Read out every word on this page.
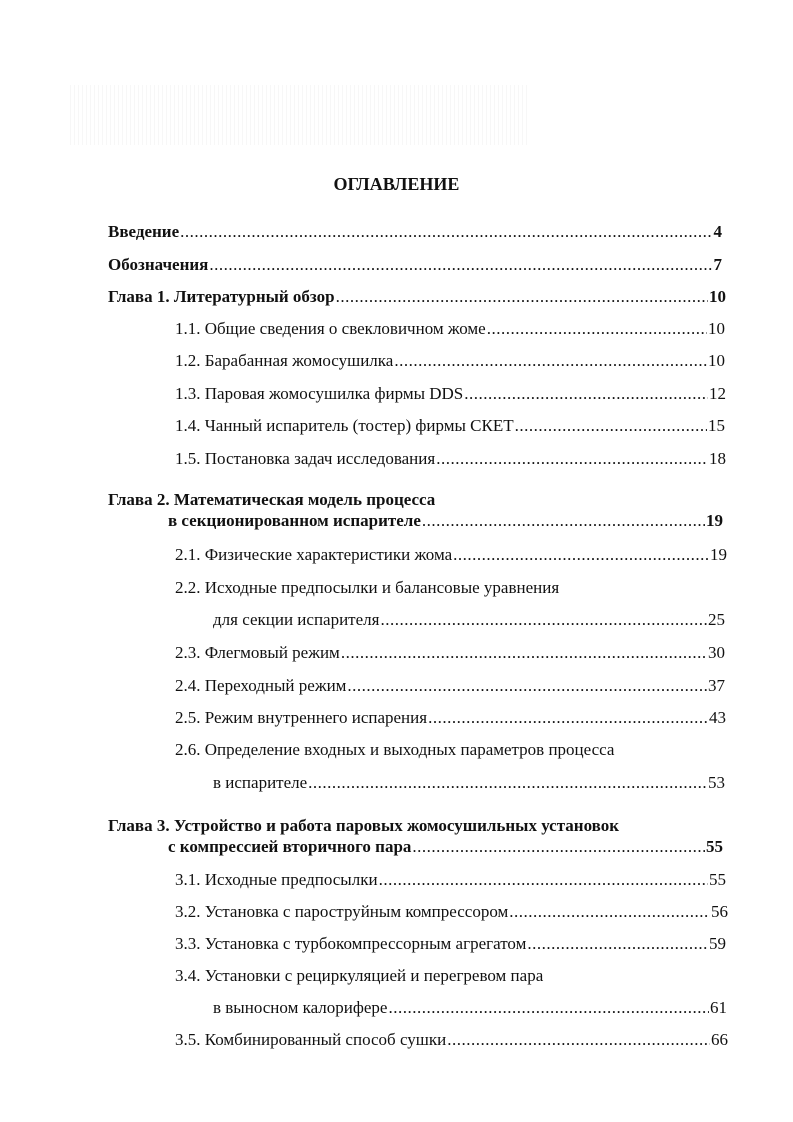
ОГЛАВЛЕНИЕ
Введение .....	4
Обозначения .....	7
Глава 1. Литературный обзор .....	10
1.1. Общие сведения о свекловичном жоме .....	10
1.2. Барабанная жомосушилка .....	10
1.3. Паровая жомосушилка фирмы DDS .....	12
1.4. Чанный испаритель (тостер) фирмы СКЕТ .....	15
1.5. Постановка задач исследования .....	18
Глава 2. Математическая модель процесса
в секционированном испарителе .....	19
2.1. Физические характеристики жома .....	19
2.2. Исходные предпосылки и балансовые уравнения
для секции испарителя .....	25
2.3. Флегмовый режим .....	30
2.4. Переходный режим .....	37
2.5. Режим внутреннего испарения .....	43
2.6. Определение входных и выходных параметров процесса
в испарителе .....	53
Глава 3. Устройство и работа паровых жомосушильных установок
с компрессией вторичного пара .....	55
3.1. Исходные предпосылки .....	55
3.2. Установка с пароструйным компрессором .....	56
3.3. Установка с турбокомпрессорным агрегатом .....	59
3.4. Установки с рециркуляцией и перегревом пара
в выносном калорифере .....	61
3.5. Комбинированный способ сушки .....	66
